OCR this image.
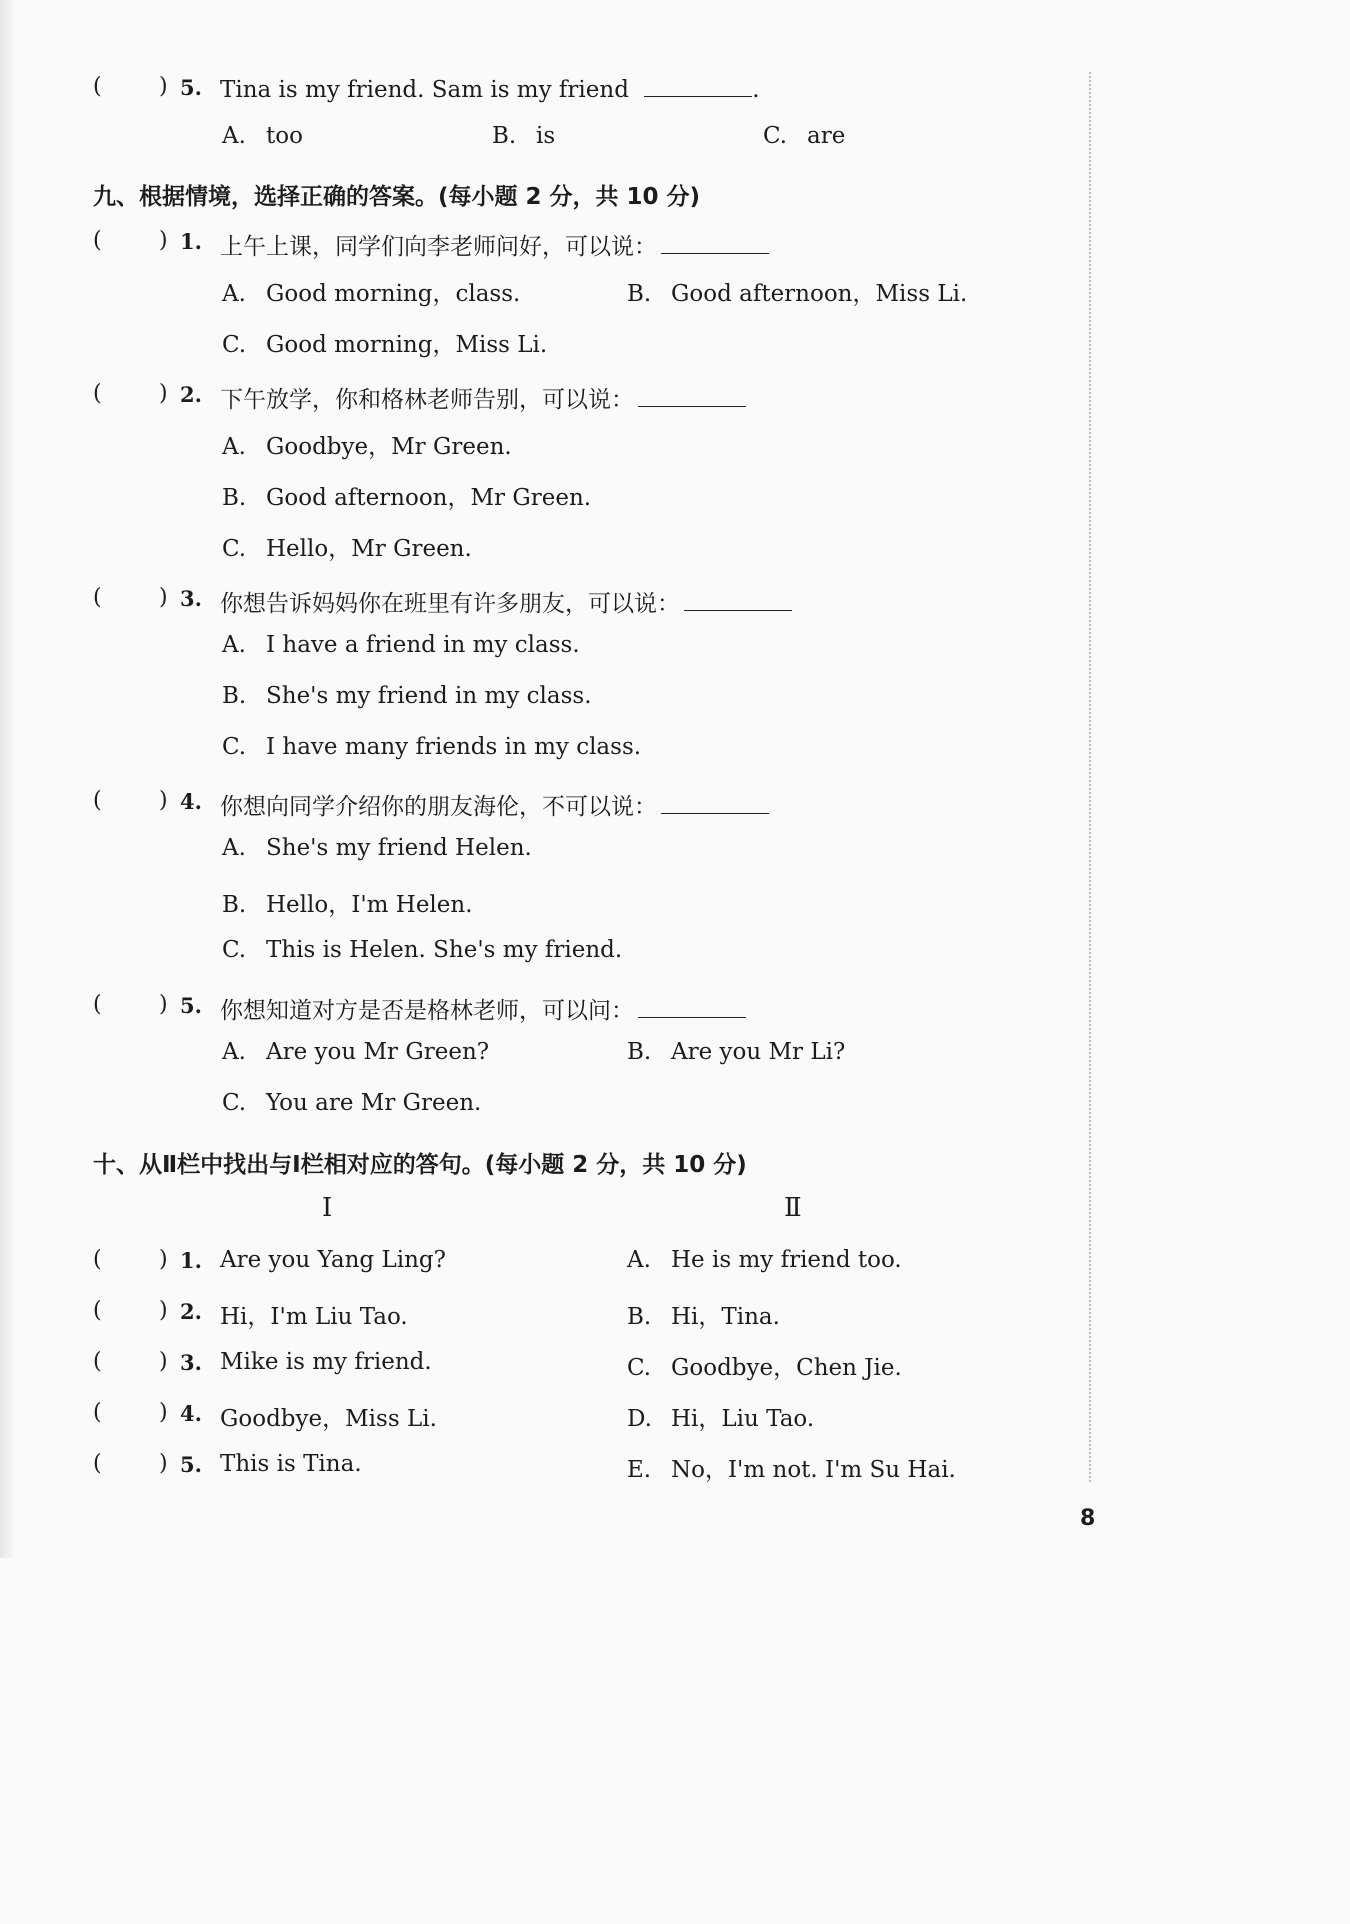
(	) 5. Tina is my friend. Sam is my friend	.
A. too	B. is	C. are
九、根据情境，选择正确的答案。(每小题 2 分，共 10 分)
(	) 1. 上午上课，同学们向李老师问好，可以说：
A. Good morning，class.	B. Good afternoon，Miss Li.
C. Good morning，Miss Li.
(	) 2. 下午放学，你和格林老师告别，可以说：
A. Goodbye，Mr Green.
B. Good afternoon，Mr Green.
C. Hello，Mr Green.
(	) 3. 你想告诉妈妈你在班里有许多朋友，可以说：
A. I have a friend in my class.
B. She's my friend in my class.
C. I have many friends in my class.
(	) 4. 你想向同学介绍你的朋友海伦，不可以说：
A. She's my friend Helen.
B. Hello，I'm Helen.
C. This is Helen. She's my friend.
(	) 5. 你想知道对方是否是格林老师，可以问：
A. Are you Mr Green?	B. Are you Mr Li?
C. You are Mr Green.
十、从Ⅱ栏中找出与Ⅰ栏相对应的答句。(每小题 2 分，共 10 分)
Ⅰ	Ⅱ
(	) 1. Are you Yang Ling?	A. He is my friend too.
(	) 2. Hi，I'm Liu Tao.	B. Hi，Tina.
(	) 3. Mike is my friend.	C. Goodbye，Chen Jie.
(	) 4. Goodbye，Miss Li.	D. Hi，Liu Tao.
(	) 5. This is Tina.	E. No，I'm not. I'm Su Hai.
8
